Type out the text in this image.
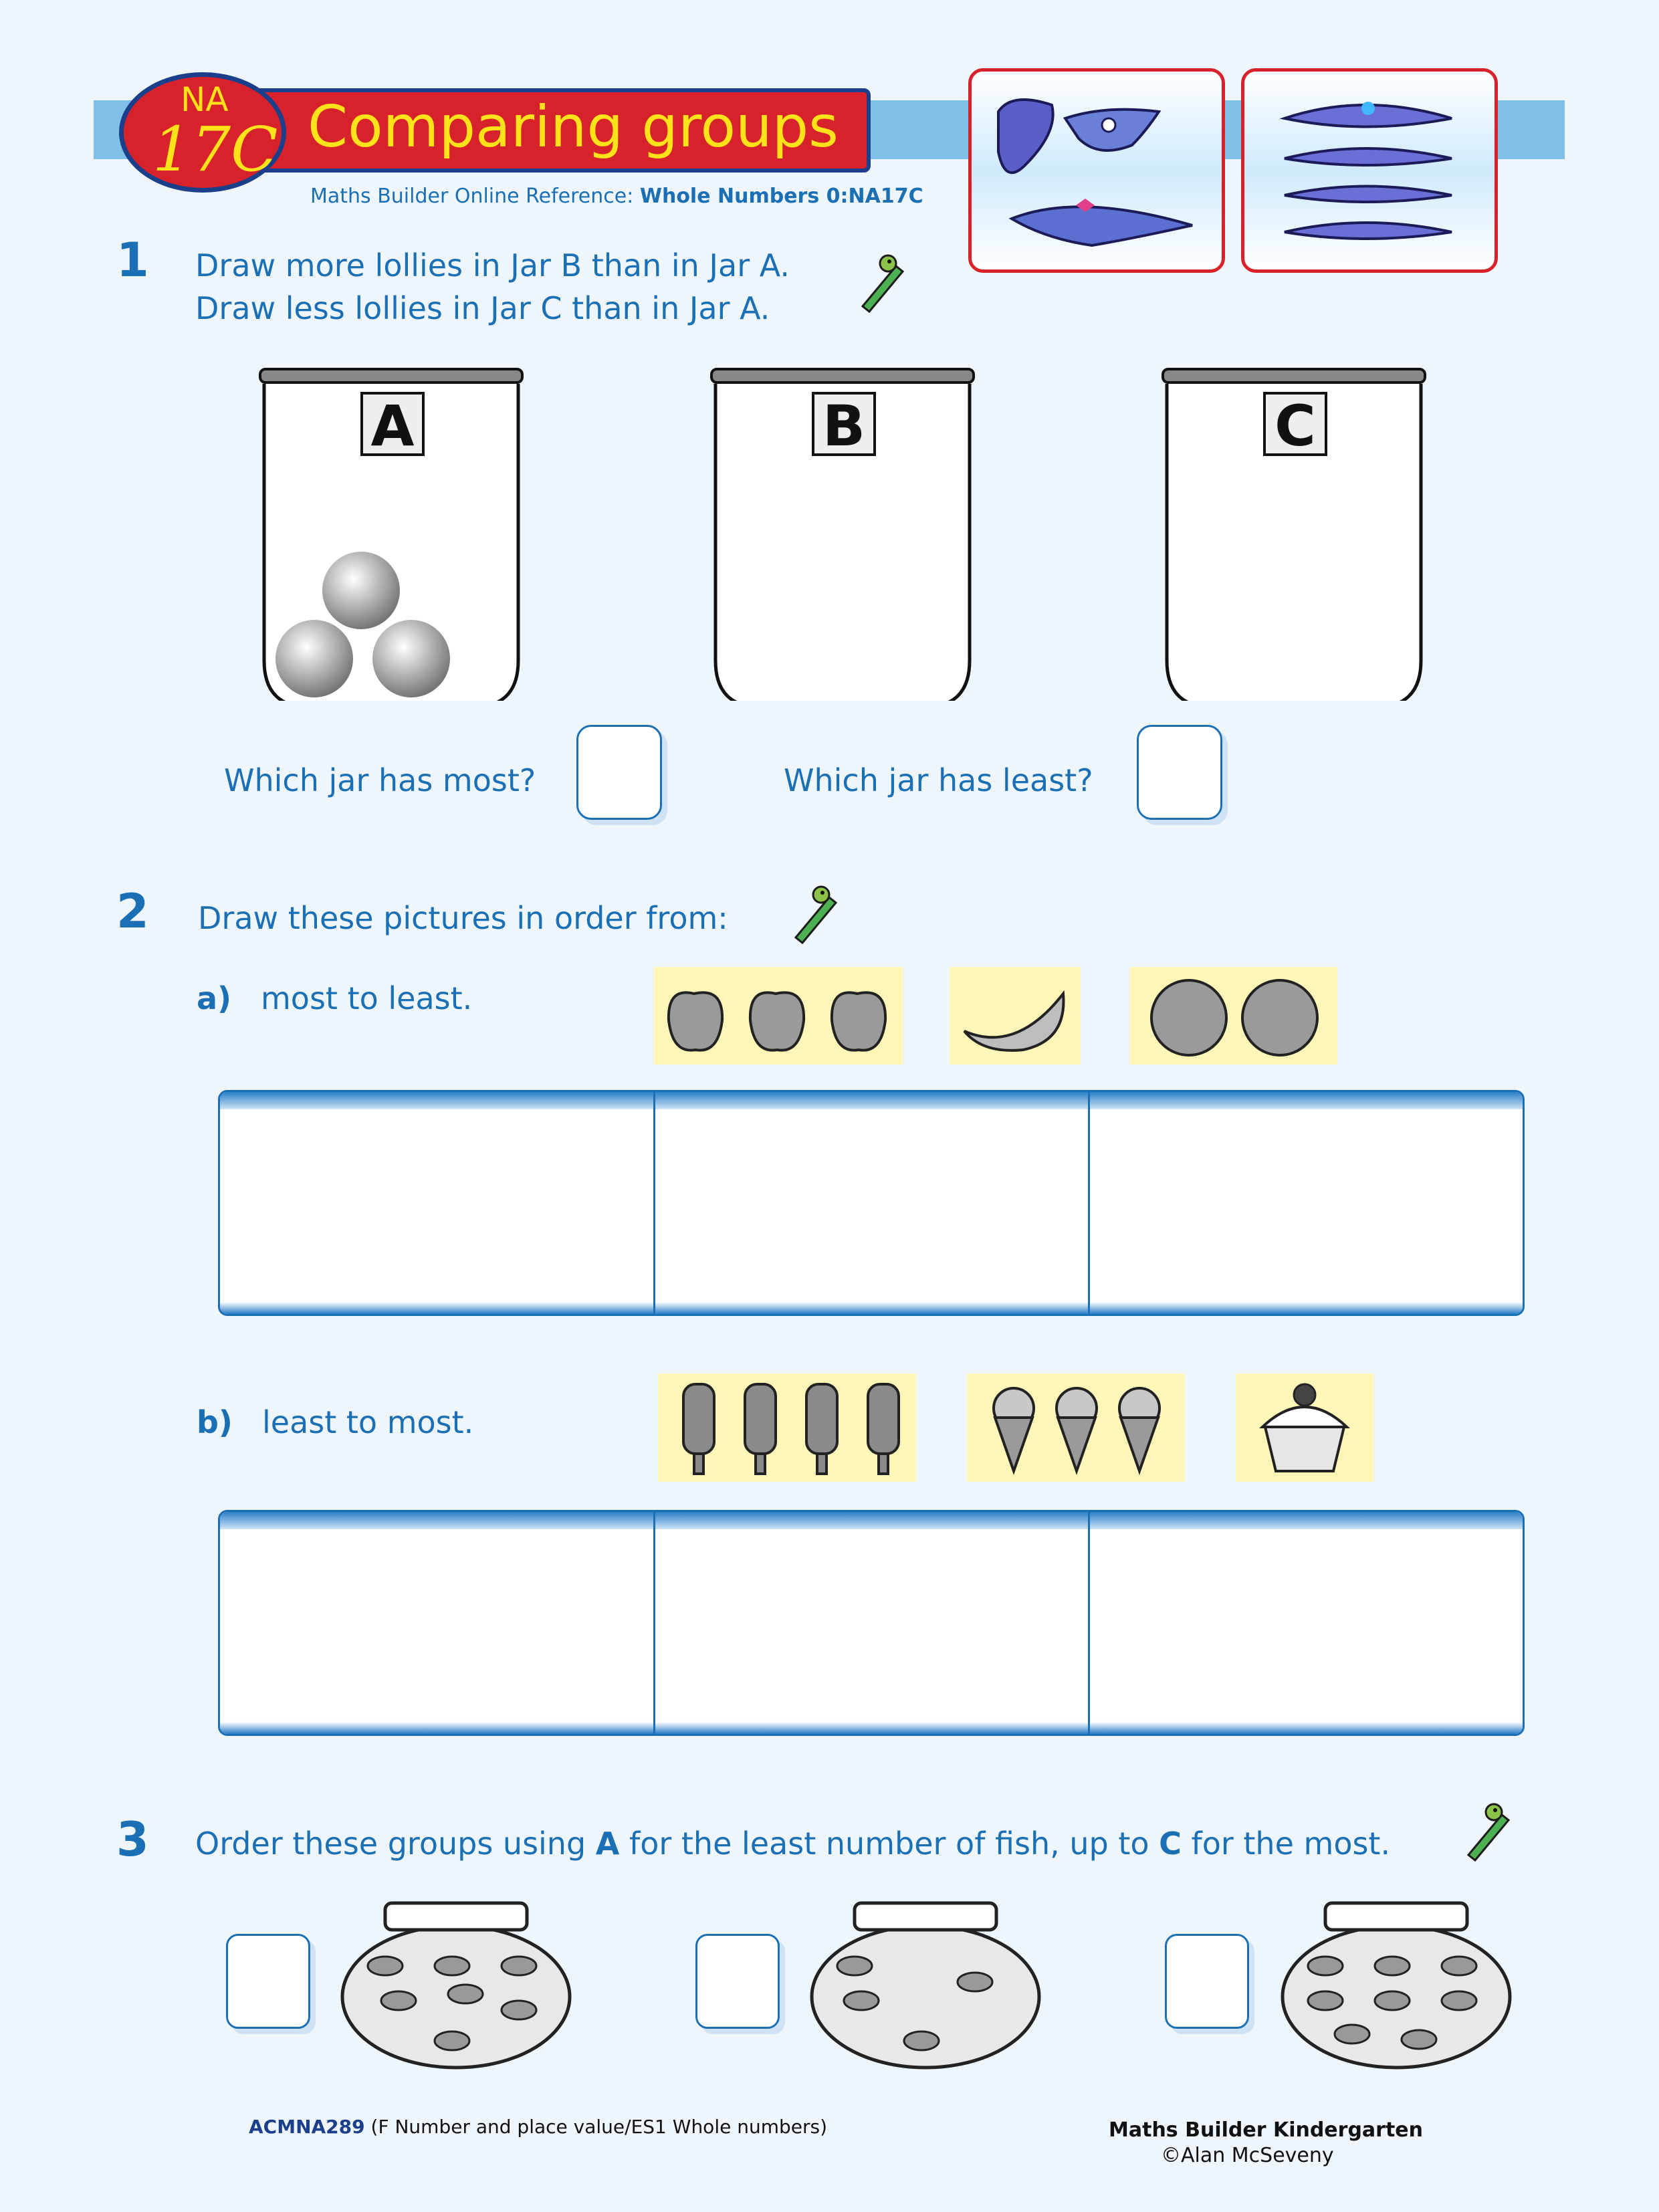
Comparing groups
NA
17C
Maths Builder Online Reference: Whole Numbers 0:NA17C
1 Draw more lollies in Jar B than in Jar A.
Draw less lollies in Jar C than in Jar A.
A	B	C
Which jar has most?	Which jar has least?
2 Draw these pictures in order from:
a) most to least.
b) least to most.
3 Order these groups using A for the least number of fish, up to C for the most.
ACMNA289 (F Number and place value/ES1 Whole numbers)	Maths Builder Kindergarten
©Alan McSeveny
